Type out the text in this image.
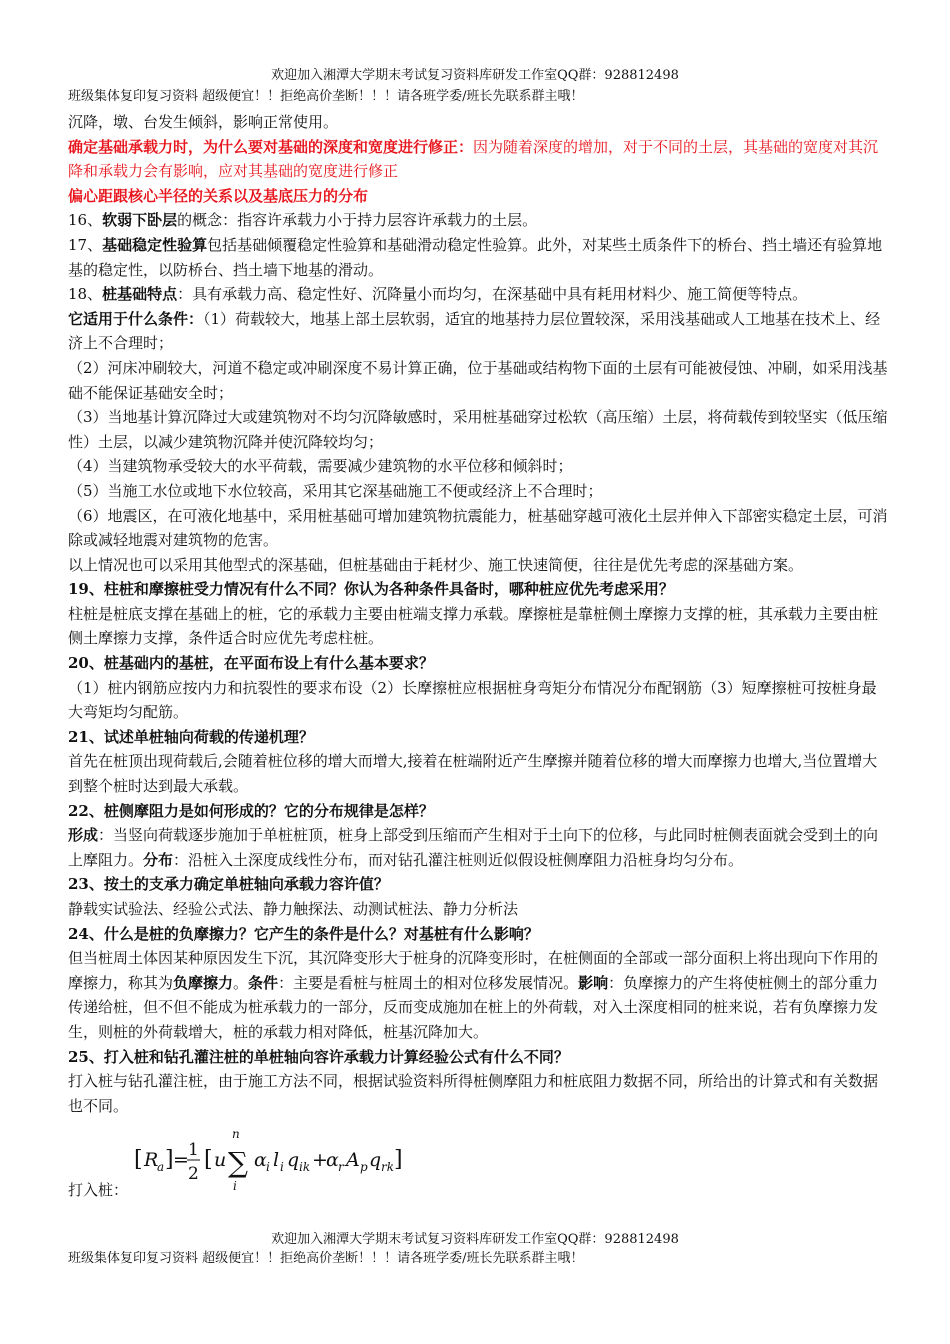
欢迎加入湘潭大学期末考试复习资料库研发工作室QQ群：928812498
班级集体复印复习资料 超级便宜！！拒绝高价垄断！！！请各班学委/班长先联系群主哦！

沉降，墩、台发生倾斜，影响正常使用。

确定基础承载力时，为什么要对基础的深度和宽度进行修正：因为随着深度的增加，对于不同的土层，其基础的宽度对其沉降和承载力会有影响，应对其基础的宽度进行修正

偏心距跟核心半径的关系以及基底压力的分布

16、软弱下卧层的概念：指容许承载力小于持力层容许承载力的土层。

17、基础稳定性验算包括基础倾覆稳定性验算和基础滑动稳定性验算。此外，对某些土质条件下的桥台、挡土墙还有验算地基的稳定性，以防桥台、挡土墙下地基的滑动。

18、桩基础特点：具有承载力高、稳定性好、沉降量小而均匀，在深基础中具有耗用材料少、施工简便等特点。

它适用于什么条件：（1）荷载较大，地基上部土层软弱，适宜的地基持力层位置较深，采用浅基础或人工地基在技术上、经济上不合理时；

（2）河床冲刷较大，河道不稳定或冲刷深度不易计算正确，位于基础或结构物下面的土层有可能被侵蚀、冲刷，如采用浅基础不能保证基础安全时；

（3）当地基计算沉降过大或建筑物对不均匀沉降敏感时，采用桩基础穿过松软（高压缩）土层，将荷载传到较坚实（低压缩性）土层，以减少建筑物沉降并使沉降较均匀；

（4）当建筑物承受较大的水平荷载，需要减少建筑物的水平位移和倾斜时；

（5）当施工水位或地下水位较高，采用其它深基础施工不便或经济上不合理时；

（6）地震区，在可液化地基中，采用桩基础可增加建筑物抗震能力，桩基础穿越可液化土层并伸入下部密实稳定土层，可消除或减轻地震对建筑物的危害。

以上情况也可以采用其他型式的深基础，但桩基础由于耗材少、施工快速简便，往往是优先考虑的深基础方案。

19、柱桩和摩擦桩受力情况有什么不同？你认为各种条件具备时，哪种桩应优先考虑采用？

柱桩是桩底支撑在基础上的桩，它的承载力主要由桩端支撑力承载。摩擦桩是靠桩侧土摩擦力支撑的桩，其承载力主要由桩侧土摩擦力支撑，条件适合时应优先考虑柱桩。

20、桩基础内的基桩，在平面布设上有什么基本要求？

（1）桩内钢筋应按内力和抗裂性的要求布设（2）长摩擦桩应根据桩身弯矩分布情况分布配钢筋（3）短摩擦桩可按桩身最大弯矩均匀配筋。

21、试述单桩轴向荷载的传递机理？

首先在桩顶出现荷载后,会随着桩位移的增大而增大,接着在桩端附近产生摩擦并随着位移的增大而摩擦力也增大,当位置增大到整个桩时达到最大承载。

22、桩侧摩阻力是如何形成的？它的分布规律是怎样？

形成：当竖向荷载逐步施加于单桩桩顶，桩身上部受到压缩而产生相对于土向下的位移，与此同时桩侧表面就会受到土的向上摩阻力。分布：沿桩入土深度成线性分布，而对钻孔灌注桩则近似假设桩侧摩阻力沿桩身均匀分布。

23、按土的支承力确定单桩轴向承载力容许值？

静载实试验法、经验公式法、静力触探法、动测试桩法、静力分析法

24、什么是桩的负摩擦力？它产生的条件是什么？对基桩有什么影响？

但当桩周土体因某种原因发生下沉，其沉降变形大于桩身的沉降变形时，在桩侧面的全部或一部分面积上将出现向下作用的摩擦力，称其为负摩擦力。条件：主要是看桩与桩周土的相对位移发展情况。影响：负摩擦力的产生将使桩侧土的部分重力传递给桩，但不但不能成为桩承载力的一部分，反而变成施加在桩上的外荷载，对入土深度相同的桩来说，若有负摩擦力发生，则桩的外荷载增大，桩的承载力相对降低，桩基沉降加大。

25、打入桩和钻孔灌注桩的单桩轴向容许承载力计算经验公式有什么不同？

打入桩与钻孔灌注桩，由于施工方法不同，根据试验资料所得桩侧摩阻力和桩底阻力数据不同，所给出的计算式和有关数据也不同。

打入桩：
[ R
a ] = 1
2
[ u
n
∑
i
α i l i q ik +
α r A p q rk ]
欢迎加入湘潭大学期末考试复习资料库研发工作室QQ群：928812498
班级集体复印复习资料 超级便宜！！拒绝高价垄断！！！请各班学委/班长先联系群主哦！
